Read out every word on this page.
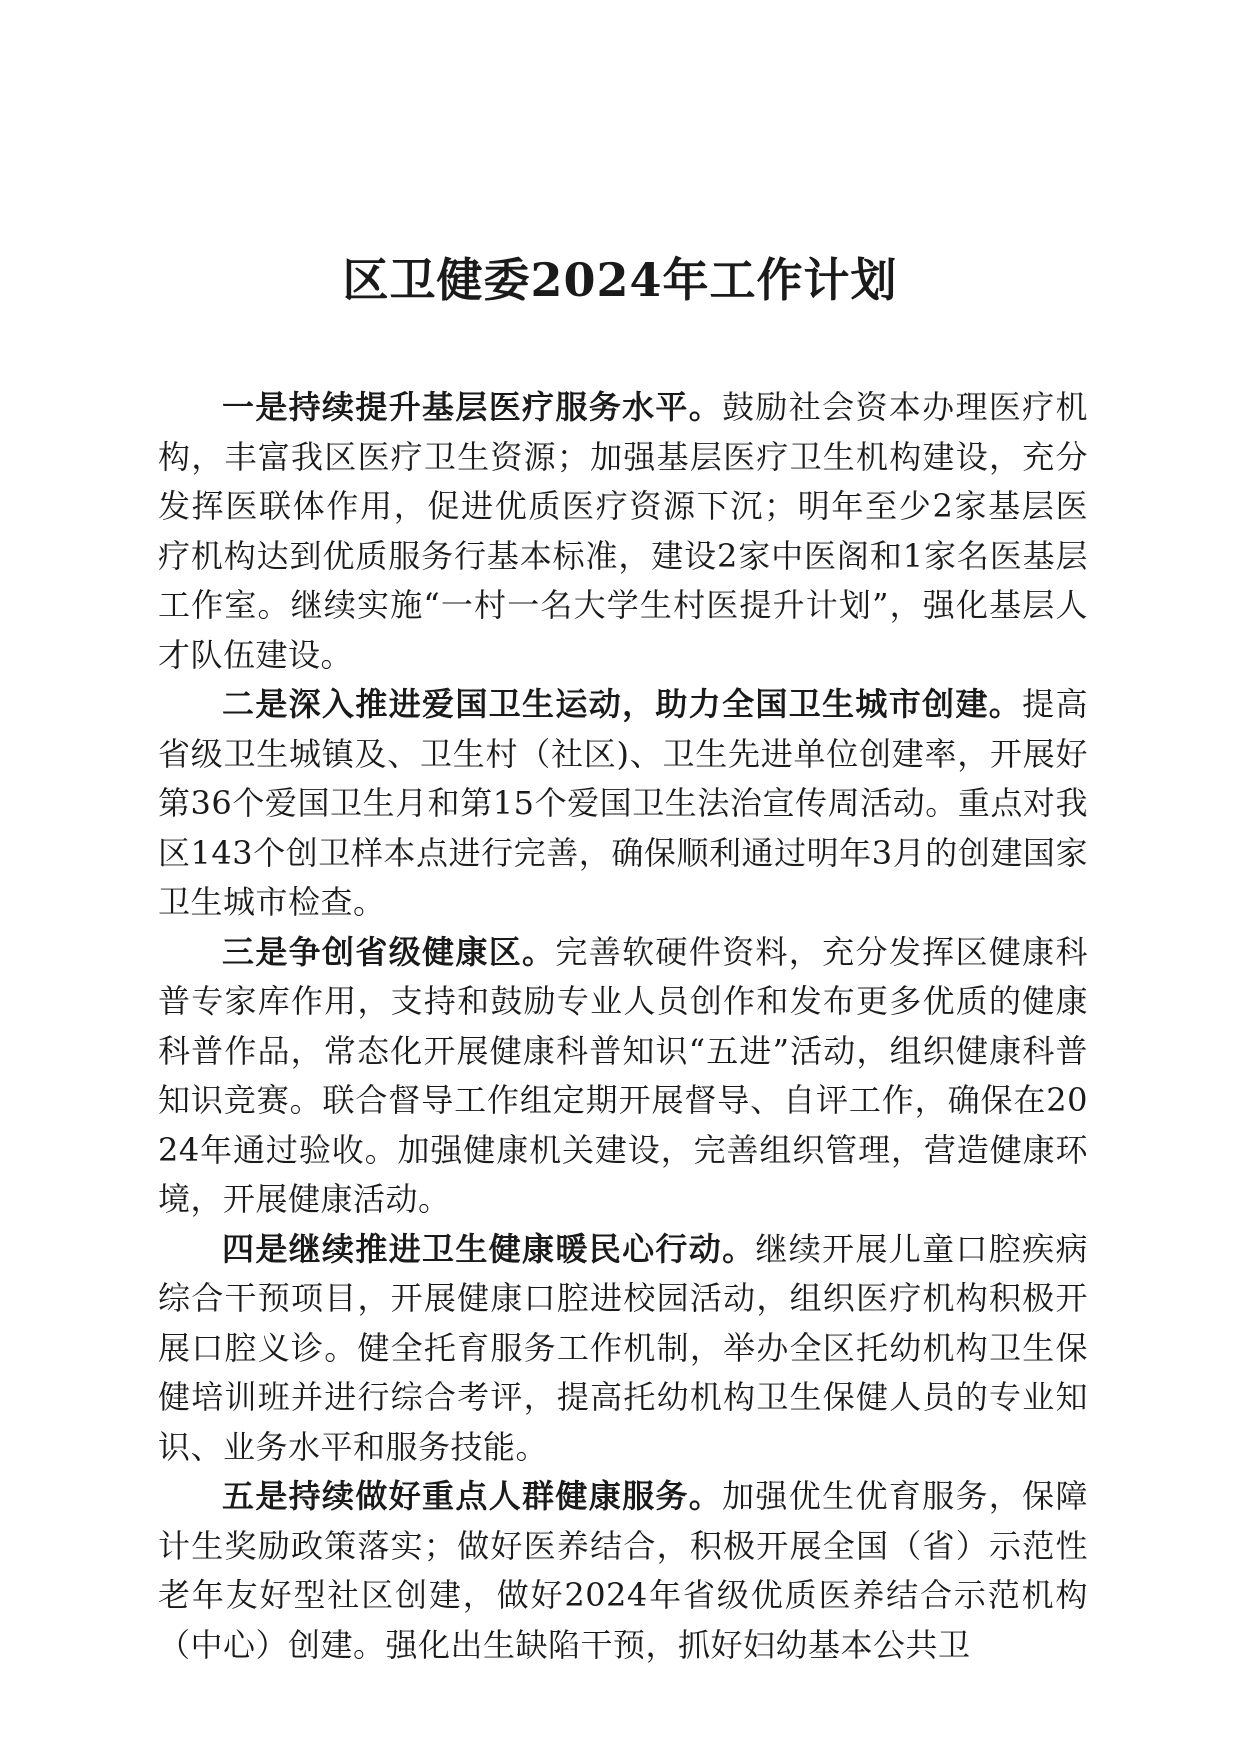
区卫健委2024年工作计划

一是持续提升基层医疗服务水平。鼓励社会资本办理医疗机构，丰富我区医疗卫生资源；加强基层医疗卫生机构建设，充分发挥医联体作用，促进优质医疗资源下沉；明年至少2家基层医疗机构达到优质服务行基本标准，建设2家中医阁和1家名医基层工作室。继续实施“一村一名大学生村医提升计划”，强化基层人才队伍建设。

二是深入推进爱国卫生运动，助力全国卫生城市创建。提高省级卫生城镇及、卫生村（社区)、卫生先进单位创建率，开展好第36个爱国卫生月和第15个爱国卫生法治宣传周活动。重点对我区143个创卫样本点进行完善，确保顺利通过明年3月的创建国家卫生城市检查。

三是争创省级健康区。完善软硬件资料，充分发挥区健康科普专家库作用，支持和鼓励专业人员创作和发布更多优质的健康科普作品，常态化开展健康科普知识“五进”活动，组织健康科普知识竞赛。联合督导工作组定期开展督导、自评工作，确保在2024年通过验收。加强健康机关建设，完善组织管理，营造健康环境，开展健康活动。

四是继续推进卫生健康暖民心行动。继续开展儿童口腔疾病综合干预项目，开展健康口腔进校园活动，组织医疗机构积极开展口腔义诊。健全托育服务工作机制，举办全区托幼机构卫生保健培训班并进行综合考评，提高托幼机构卫生保健人员的专业知识、业务水平和服务技能。

五是持续做好重点人群健康服务。加强优生优育服务，保障计生奖励政策落实；做好医养结合，积极开展全国（省）示范性老年友好型社区创建，做好2024年省级优质医养结合示范机构（中心）创建。强化出生缺陷干预，抓好妇幼基本公共卫
